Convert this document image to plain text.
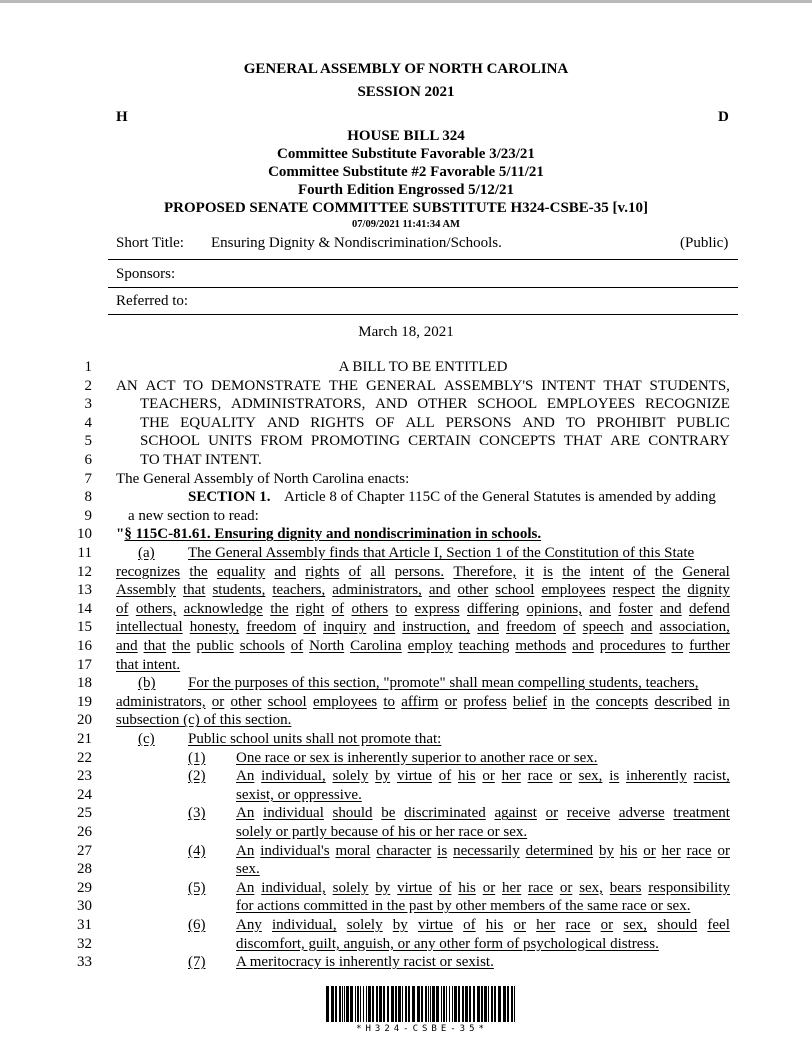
GENERAL ASSEMBLY OF NORTH CAROLINA
SESSION 2021
H	D
HOUSE BILL 324
Committee Substitute Favorable 3/23/21
Committee Substitute #2 Favorable 5/11/21
Fourth Edition Engrossed 5/12/21
PROPOSED SENATE COMMITTEE SUBSTITUTE H324-CSBE-35 [v.10]
07/09/2021 11:41:34 AM
Short Title: Ensuring Dignity & Nondiscrimination/Schools.	(Public)
Sponsors:
Referred to:
March 18, 2021
1
2
3
4
5
6
7
8
9
10
11
12
13
14
15
16
17
18
19
20
21
22
23
24
25
26
27
28
29
30
31
32
33
A BILL TO BE ENTITLED
AN ACT TO DEMONSTRATE THE GENERAL ASSEMBLY'S INTENT THAT STUDENTS,
TEACHERS, ADMINISTRATORS, AND OTHER SCHOOL EMPLOYEES RECOGNIZE
THE EQUALITY AND RIGHTS OF ALL PERSONS AND TO PROHIBIT PUBLIC
SCHOOL UNITS FROM PROMOTING CERTAIN CONCEPTS THAT ARE CONTRARY
TO THAT INTENT.
The General Assembly of North Carolina enacts:
SECTION 1. Article 8 of Chapter 115C of the General Statutes is amended by adding
a new section to read:
"§ 115C-81.61. Ensuring dignity and nondiscrimination in schools.
(a) The General Assembly finds that Article I, Section 1 of the Constitution of this State
recognizes the equality and rights of all persons. Therefore, it is the intent of the General
Assembly that students, teachers, administrators, and other school employees respect the dignity
of others, acknowledge the right of others to express differing opinions, and foster and defend
intellectual honesty, freedom of inquiry and instruction, and freedom of speech and association,
and that the public schools of North Carolina employ teaching methods and procedures to further
that intent.
(b) For the purposes of this section, "promote" shall mean compelling students, teachers,
administrators, or other school employees to affirm or profess belief in the concepts described in
subsection (c) of this section.
(c) Public school units shall not promote that:
(1)	One race or sex is inherently superior to another race or sex.
(2)	An individual, solely by virtue of his or her race or sex, is inherently racist,
sexist, or oppressive.
(3)	An individual should be discriminated against or receive adverse treatment
solely or partly because of his or her race or sex.
(4)	An individual's moral character is necessarily determined by his or her race or
sex.
(5)	An individual, solely by virtue of his or her race or sex, bears responsibility
for actions committed in the past by other members of the same race or sex.
(6)	Any individual, solely by virtue of his or her race or sex, should feel
discomfort, guilt, anguish, or any other form of psychological distress.
(7)	A meritocracy is inherently racist or sexist.
*H324-CSBE-35*
